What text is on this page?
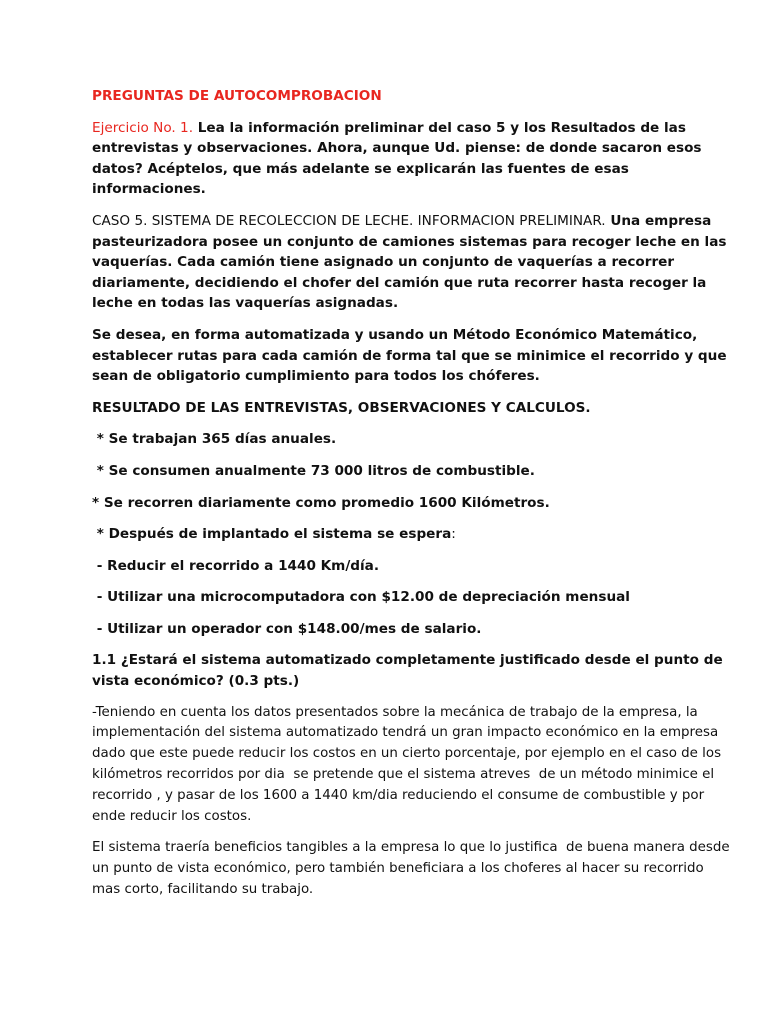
PREGUNTAS DE AUTOCOMPROBACION

Ejercicio No. 1. Lea la información preliminar del caso 5 y los Resultados de las entrevistas y observaciones. Ahora, aunque Ud. piense: de donde sacaron esos datos? Acéptelos, que más adelante se explicarán las fuentes de esas informaciones.

CASO 5. SISTEMA DE RECOLECCION DE LECHE. INFORMACION PRELIMINAR. Una empresa pasteurizadora posee un conjunto de camiones sistemas para recoger leche en las vaquerías. Cada camión tiene asignado un conjunto de vaquerías a recorrer diariamente, decidiendo el chofer del camión que ruta recorrer hasta recoger la leche en todas las vaquerías asignadas.

Se desea, en forma automatizada y usando un Método Económico Matemático, establecer rutas para cada camión de forma tal que se minimice el recorrido y que sean de obligatorio cumplimiento para todos los chóferes.

RESULTADO DE LAS ENTREVISTAS, OBSERVACIONES Y CALCULOS.

* Se trabajan 365 días anuales.

* Se consumen anualmente 73 000 litros de combustible.

* Se recorren diariamente como promedio 1600 Kilómetros.

* Después de implantado el sistema se espera:

- Reducir el recorrido a 1440 Km/día.

- Utilizar una microcomputadora con $12.00 de depreciación mensual

- Utilizar un operador con $148.00/mes de salario.

1.1 ¿Estará el sistema automatizado completamente justificado desde el punto de vista económico? (0.3 pts.)

-Teniendo en cuenta los datos presentados sobre la mecánica de trabajo de la empresa, la implementación del sistema automatizado tendrá un gran impacto económico en la empresa dado que este puede reducir los costos en un cierto porcentaje, por ejemplo en el caso de los kilómetros recorridos por dia  se pretende que el sistema atreves  de un método minimice el recorrido , y pasar de los 1600 a 1440 km/dia reduciendo el consume de combustible y por ende reducir los costos.

El sistema traería beneficios tangibles a la empresa lo que lo justifica  de buena manera desde un punto de vista económico, pero también beneficiara a los choferes al hacer su recorrido mas corto, facilitando su trabajo.
